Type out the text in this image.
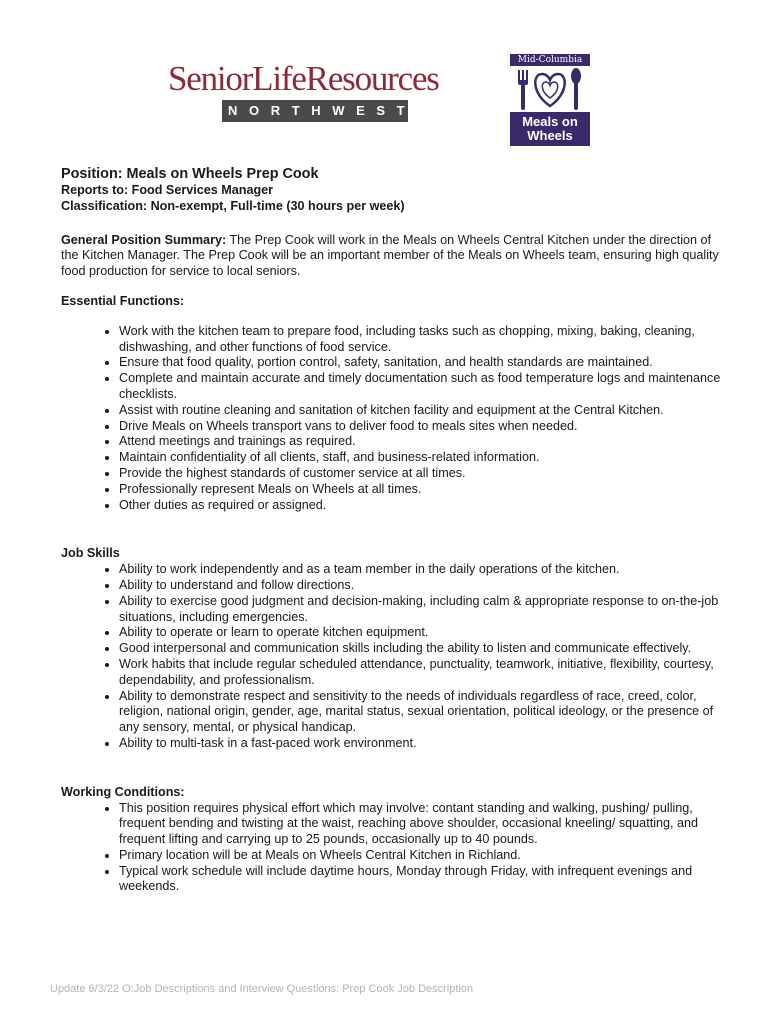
SeniorLifeResources
NORTHWEST
Mid-Columbia
Meals on
Wheels

Position: Meals on Wheels Prep Cook

Reports to: Food Services Manager

Classification: Non-exempt, Full-time (30 hours per week)

General Position Summary: The Prep Cook will work in the Meals on Wheels Central Kitchen under the direction of the Kitchen Manager. The Prep Cook will be an important member of the Meals on Wheels team, ensuring high quality food production for service to local seniors.

Essential Functions:

• Work with the kitchen team to prepare food, including tasks such as chopping, mixing, baking, cleaning, dishwashing, and other functions of food service.
• Ensure that food quality, portion control, safety, sanitation, and health standards are maintained.
• Complete and maintain accurate and timely documentation such as food temperature logs and maintenance checklists.
• Assist with routine cleaning and sanitation of kitchen facility and equipment at the Central Kitchen.
• Drive Meals on Wheels transport vans to deliver food to meals sites when needed.
• Attend meetings and trainings as required.
• Maintain confidentiality of all clients, staff, and business-related information.
• Provide the highest standards of customer service at all times.
• Professionally represent Meals on Wheels at all times.
• Other duties as required or assigned.

Job Skills

• Ability to work independently and as a team member in the daily operations of the kitchen.
• Ability to understand and follow directions.
• Ability to exercise good judgment and decision-making, including calm & appropriate response to on-the-job situations, including emergencies.
• Ability to operate or learn to operate kitchen equipment.
• Good interpersonal and communication skills including the ability to listen and communicate effectively.
• Work habits that include regular scheduled attendance, punctuality, teamwork, initiative, flexibility, courtesy, dependability, and professionalism.
• Ability to demonstrate respect and sensitivity to the needs of individuals regardless of race, creed, color, religion, national origin, gender, age, marital status, sexual orientation, political ideology, or the presence of any sensory, mental, or physical handicap.
• Ability to multi-task in a fast-paced work environment.

Working Conditions:

• This position requires physical effort which may involve: contant standing and walking, pushing/ pulling, frequent bending and twisting at the waist, reaching above shoulder, occasional kneeling/ squatting, and frequent lifting and carrying up to 25 pounds, occasionally up to 40 pounds.
• Primary location will be at Meals on Wheels Central Kitchen in Richland.
• Typical work schedule will include daytime hours, Monday through Friday, with infrequent evenings and weekends.
Update 6/3/22 O:Job Descriptions and Interview Questions: Prep Cook Job Description
